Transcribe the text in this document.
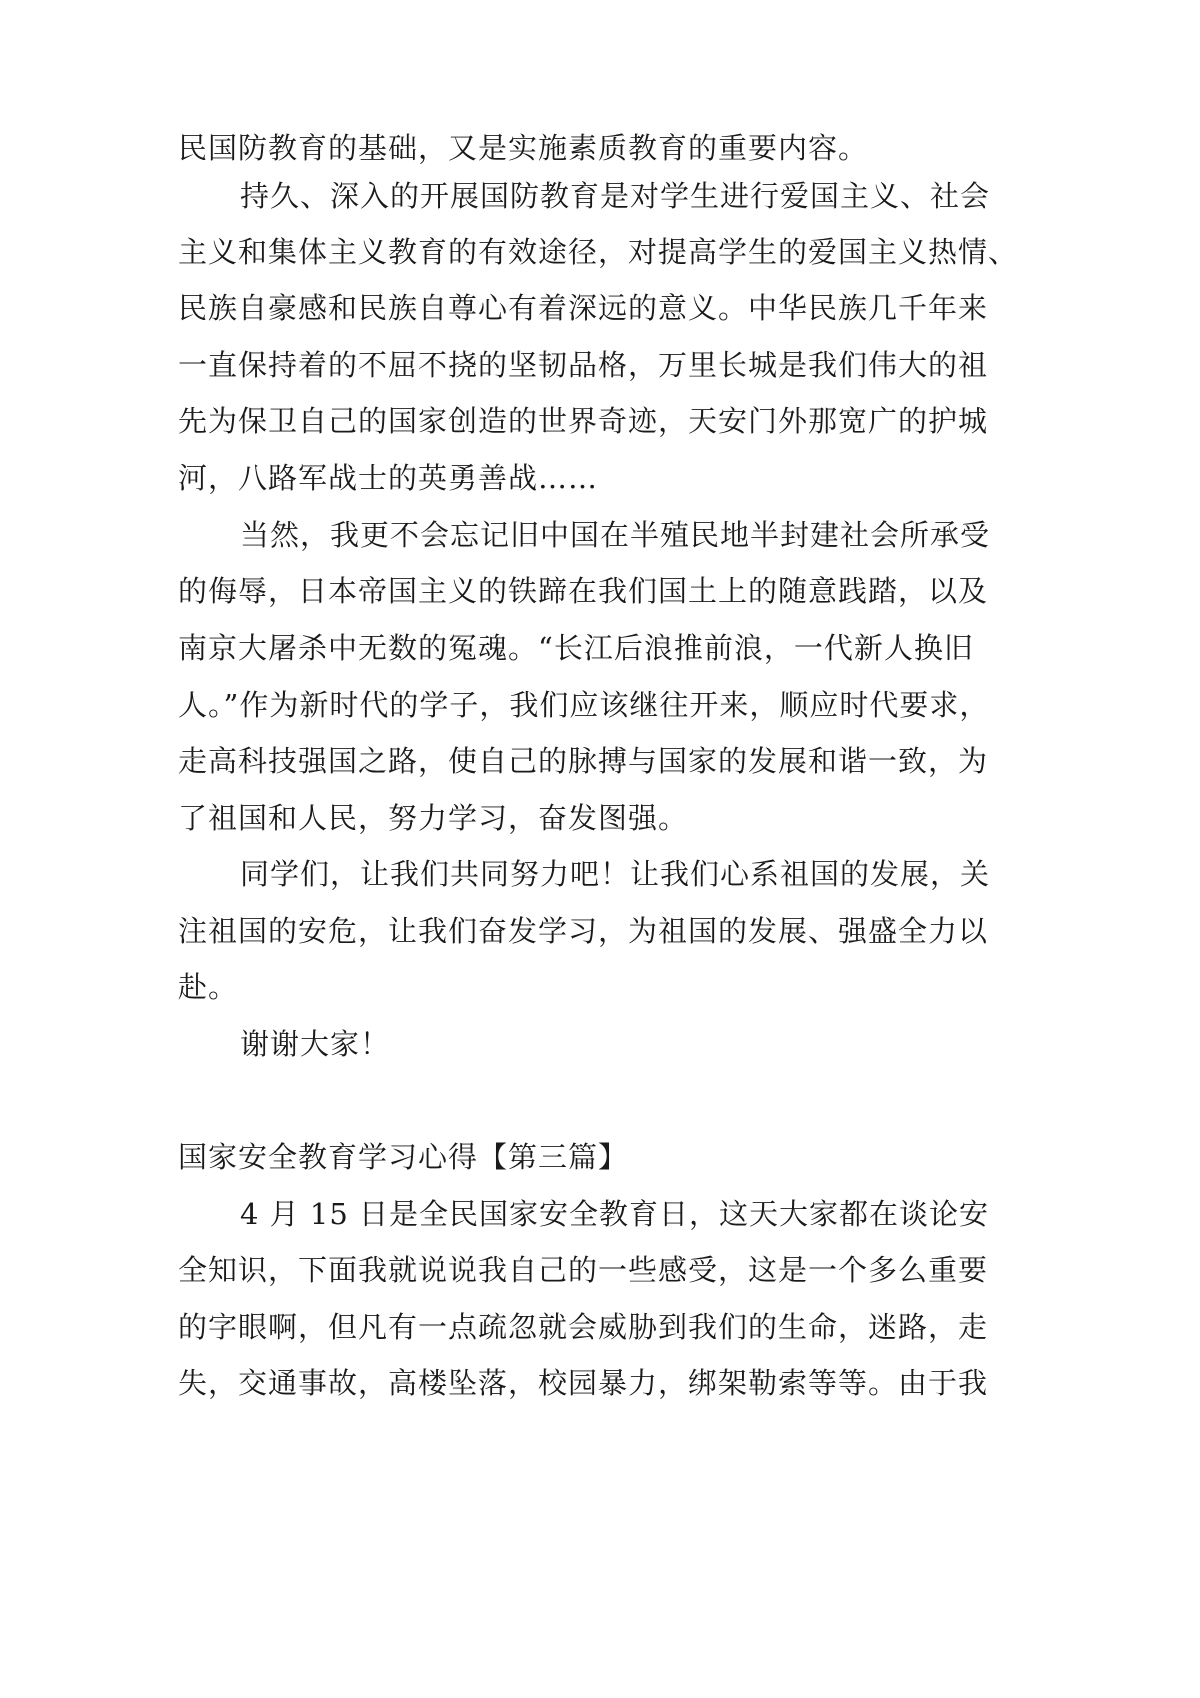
民国防教育的基础，又是实施素质教育的重要内容。
持久、深入的开展国防教育是对学生进行爱国主义、社会
主义和集体主义教育的有效途径，对提高学生的爱国主义热情、
民族自豪感和民族自尊心有着深远的意义。中华民族几千年来
一直保持着的不屈不挠的坚韧品格，万里长城是我们伟大的祖
先为保卫自己的国家创造的世界奇迹，天安门外那宽广的护城
河，八路军战士的英勇善战……
当然，我更不会忘记旧中国在半殖民地半封建社会所承受
的侮辱，日本帝国主义的铁蹄在我们国土上的随意践踏，以及
南京大屠杀中无数的冤魂。“长江后浪推前浪，一代新人换旧
人。”作为新时代的学子，我们应该继往开来，顺应时代要求，
走高科技强国之路，使自己的脉搏与国家的发展和谐一致，为
了祖国和人民，努力学习，奋发图强。
同学们，让我们共同努力吧！让我们心系祖国的发展，关
注祖国的安危，让我们奋发学习，为祖国的发展、强盛全力以
赴。
谢谢大家！
国家安全教育学习心得【第三篇】
4 月 15 日是全民国家安全教育日，这天大家都在谈论安
全知识，下面我就说说我自己的一些感受，这是一个多么重要
的字眼啊，但凡有一点疏忽就会威胁到我们的生命，迷路，走
失，交通事故，高楼坠落，校园暴力，绑架勒索等等。由于我
